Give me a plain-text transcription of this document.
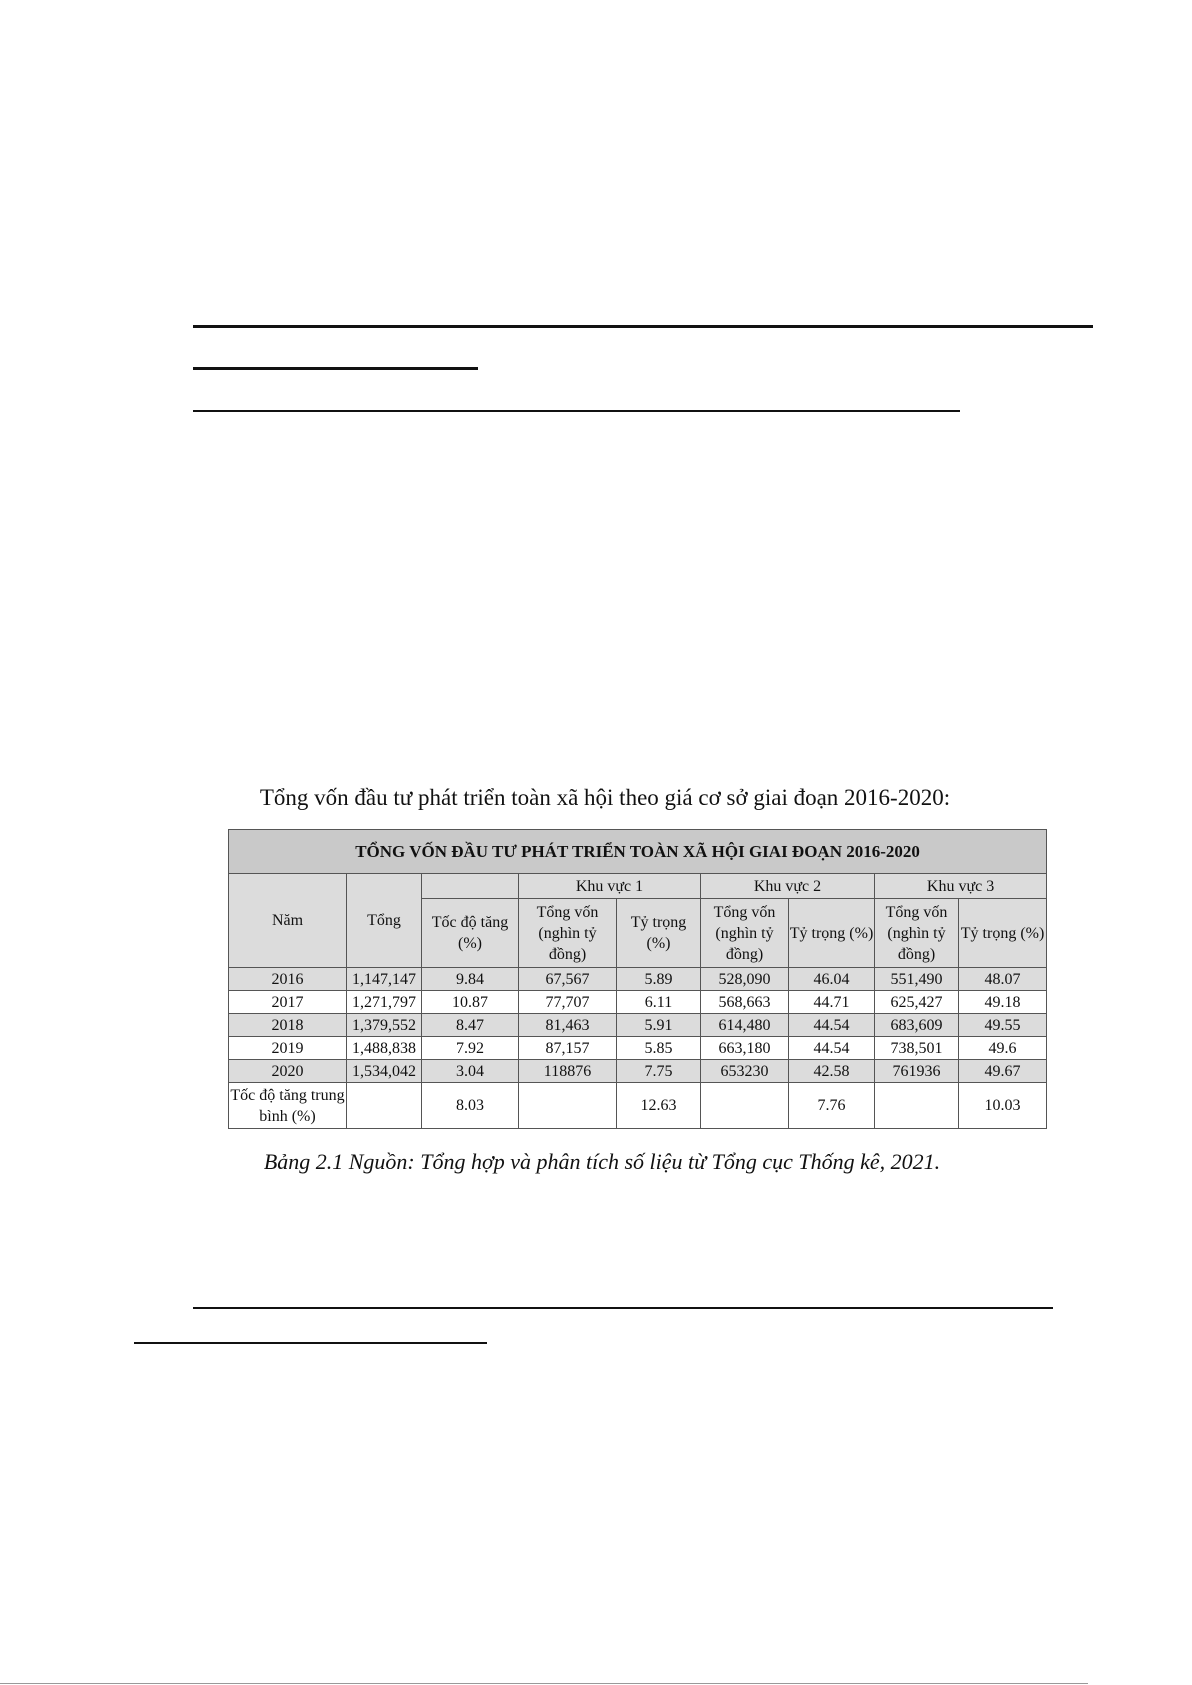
Tổng vốn đầu tư phát triển toàn xã hội theo giá cơ sở giai đoạn 2016-2020:

TỔNG VỐN ĐẦU TƯ PHÁT TRIỂN TOÀN XÃ HỘI GIAI ĐOẠN 2016-2020								
Năm	Tổng		Khu vực 1		Khu vực 2		Khu vực 3	
		Tốc độ tăng (%)	Tổng vốn (nghìn tỷ đồng)	Tỷ trọng (%)	Tổng vốn (nghìn tỷ đồng)	Tỷ trọng (%)	Tổng vốn (nghìn tỷ đồng)	Tỷ trọng (%)
2016	1,147,147	9.84	67,567	5.89	528,090	46.04	551,490	48.07
2017	1,271,797	10.87	77,707	6.11	568,663	44.71	625,427	49.18
2018	1,379,552	8.47	81,463	5.91	614,480	44.54	683,609	49.55
2019	1,488,838	7.92	87,157	5.85	663,180	44.54	738,501	49.6
2020	1,534,042	3.04	118876	7.75	653230	42.58	761936	49.67
Tốc độ tăng trung bình (%)		8.03		12.63		7.76		10.03

Bảng 2.1 Nguồn: Tổng hợp và phân tích số liệu từ Tổng cục Thống kê, 2021.
